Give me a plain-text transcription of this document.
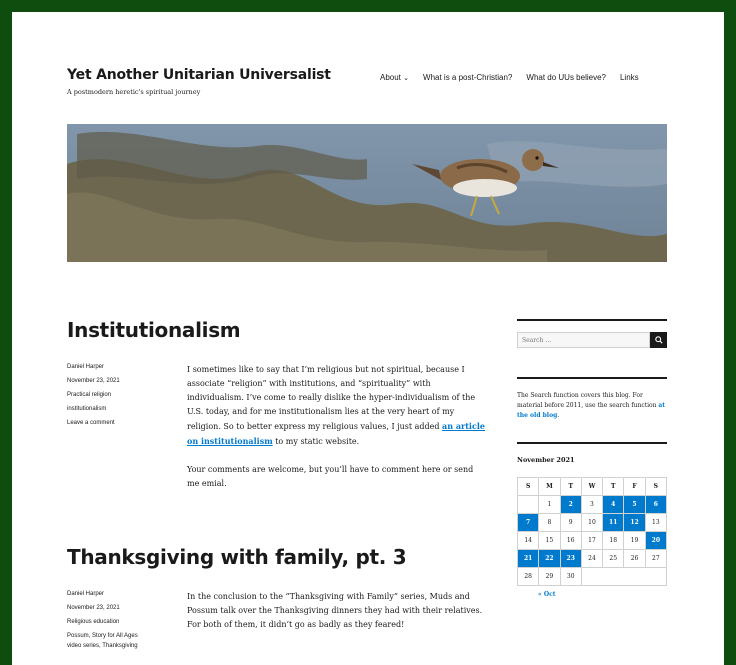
Yet Another Unitarian Universalist
A postmodern heretic's spiritual journey
About ⌄ What is a post-Christian? What do UUs believe? Links
Institutionalism
Daniel Harper
November 23, 2021
Practical religion
institutionalism
Leave a comment

I sometimes like to say that I’m religious but not spiritual, because I associate “religion” with institutions, and “spirituality” with individualism. I’ve come to really dislike the hyper-individualism of the U.S. today, and for me institutionalism lies at the very heart of my religion. So to better express my religious values, I just added an article on institutionalism to my static website.

Your comments are welcome, but you’ll have to comment here or send me emial.

Thanksgiving with family, pt. 3
Daniel Harper
November 23, 2021
Religious education
Possum, Story for All Ages
video series, Thanksgiving

In the conclusion to the “Thanksgiving with Family” series, Muds and Possum talk over the Thanksgiving dinners they had with their relatives. For both of them, it didn’t go as badly as they feared!

Search …
The Search function covers this blog. For material before 2011, use the search function at the old blog.
November 2021
S	M	T	W	T	F	S
	1	2	3	4	5	6
7	8	9	10	11	12	13
14	15	16	17	18	19	20
21	22	23	24	25	26	27
28	29	30				
« Oct
